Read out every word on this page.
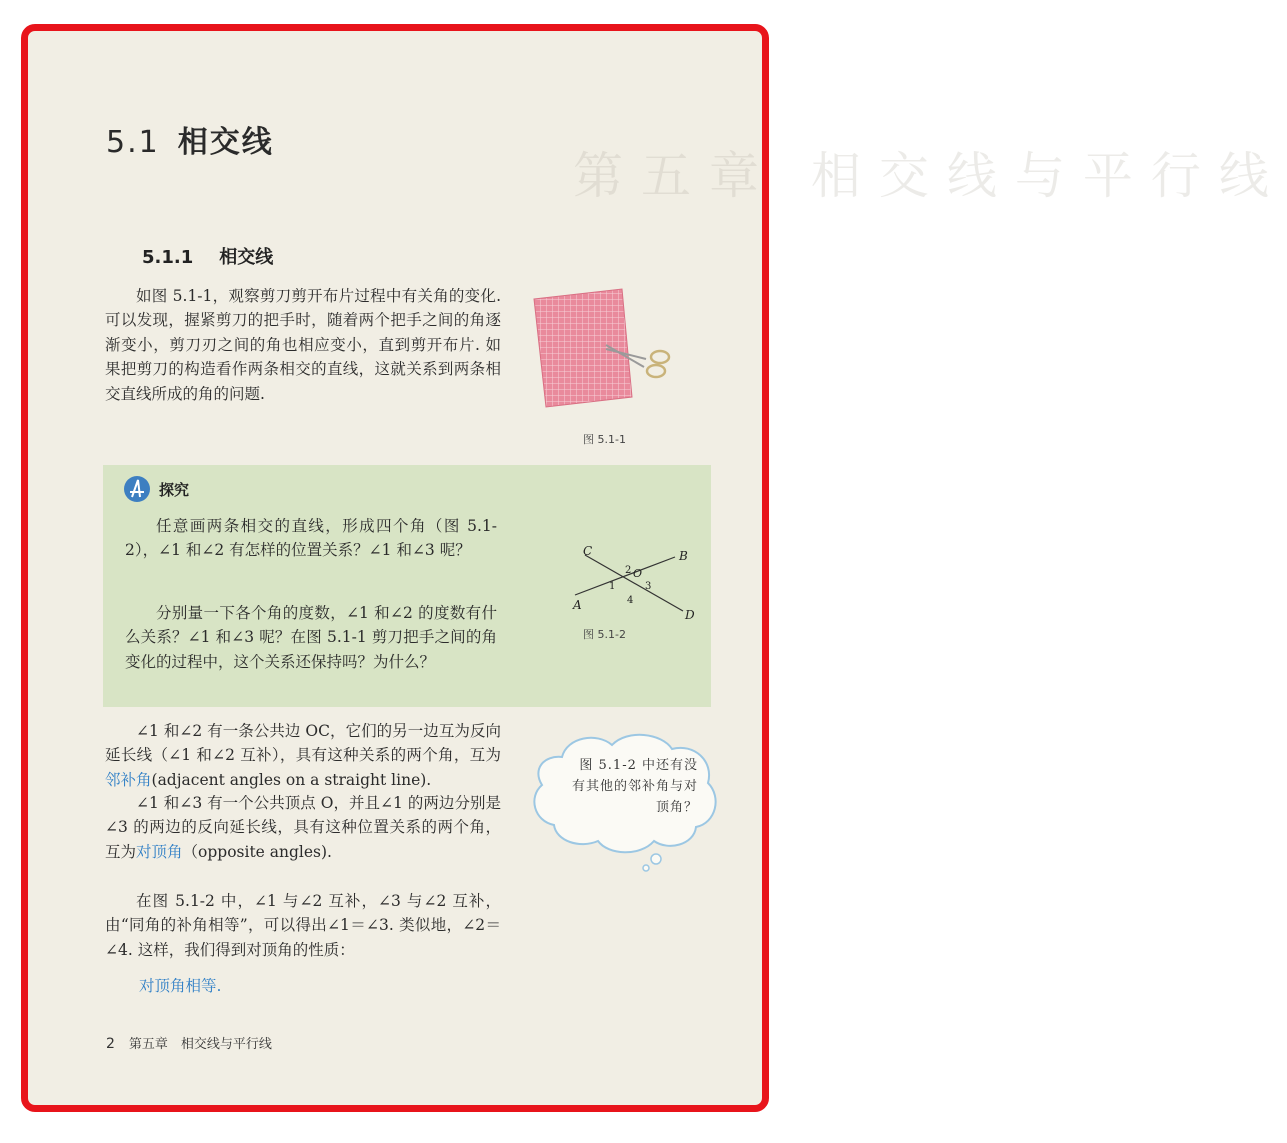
第五章 相交线与平行线
5.1 相交线
5.1.1 相交线
如图 5.1-1，观察剪刀剪开布片过程中有关角的变化. 可以发现，握紧剪刀的把手时，随着两个把手之间的角逐渐变小，剪刀刃之间的角也相应变小，直到剪开布片. 如果把剪刀的构造看作两条相交的直线，这就关系到两条相交直线所成的角的问题.
图 5.1-1
探究
任意画两条相交的直线，形成四个角（图 5.1-2），∠1 和∠2 有怎样的位置关系？∠1 和∠3 呢？
分别量一下各个角的度数，∠1 和∠2 的度数有什么关系？∠1 和∠3 呢？在图 5.1-1 剪刀把手之间的角变化的过程中，这个关系还保持吗？为什么？
C	B
A
D
O
1
2
3
4
图 5.1-2
∠1 和∠2 有一条公共边 OC，它们的另一边互为反向延长线（∠1 和∠2 互补），具有这种关系的两个角，互为邻补角(adjacent angles on a straight line).
∠1 和∠3 有一个公共顶点 O，并且∠1 的两边分别是∠3 的两边的反向延长线，具有这种位置关系的两个角，互为对顶角（opposite angles).
在图 5.1-2 中，∠1 与∠2 互补，∠3 与∠2 互补，由“同角的补角相等”，可以得出∠1＝∠3. 类似地，∠2＝∠4. 这样，我们得到对顶角的性质：
对顶角相等.
图 5.1-2 中还有没有其他的邻补角与对顶角？
2 第五章　相交线与平行线
